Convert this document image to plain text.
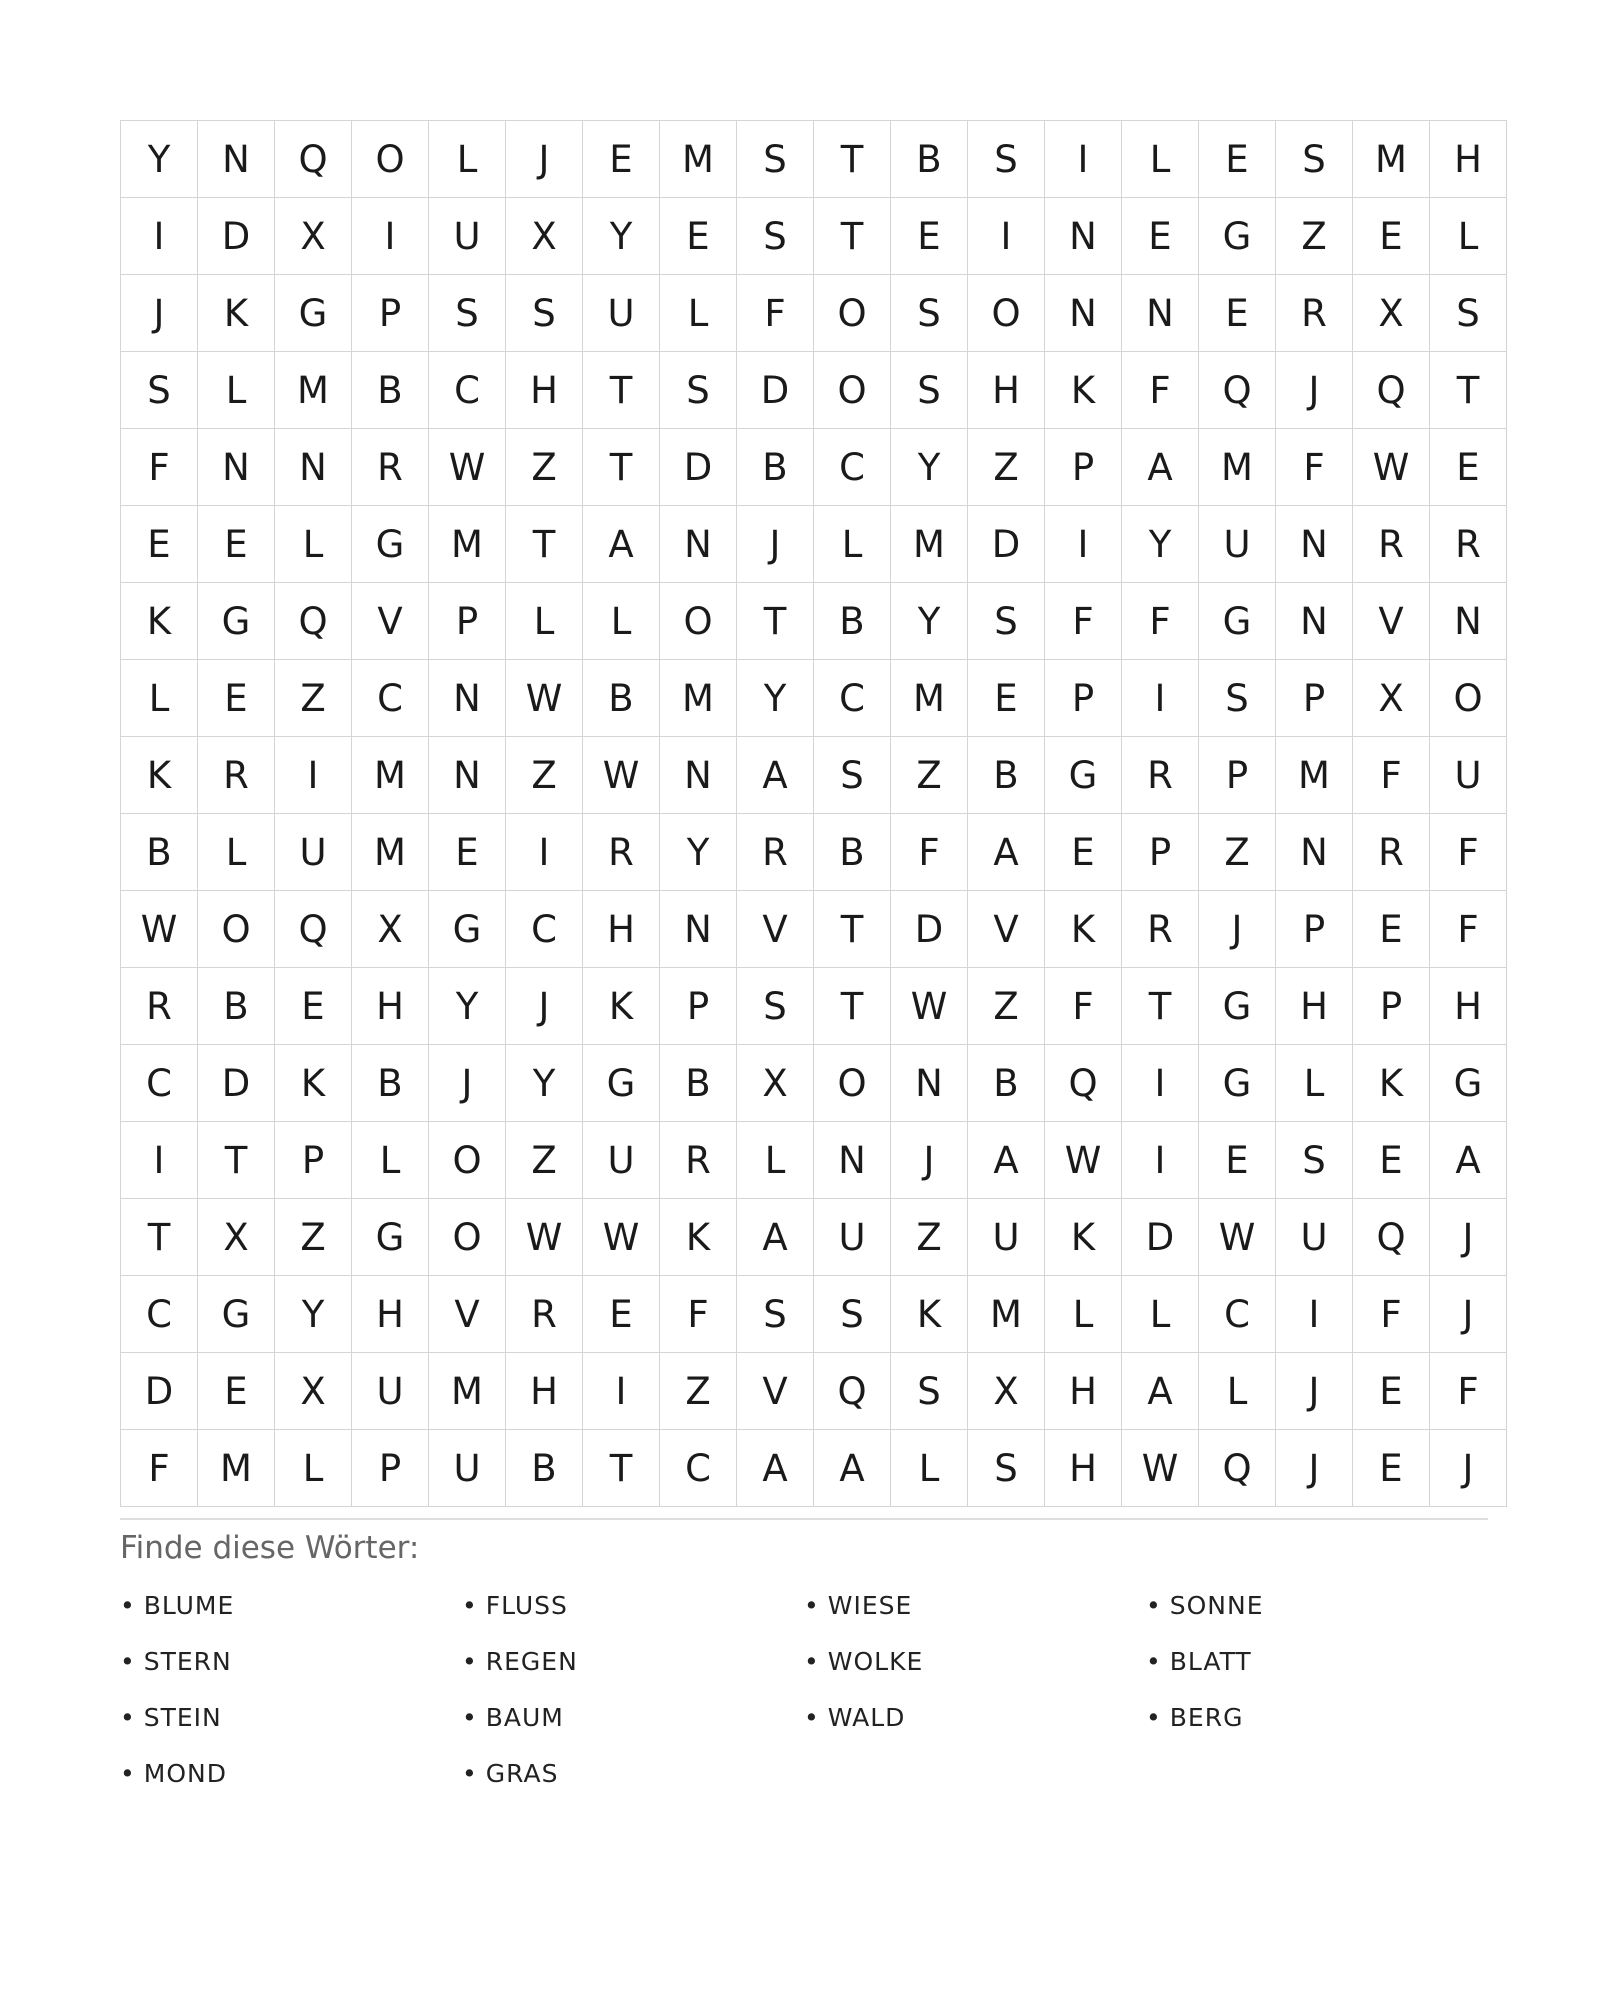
Y	N	Q	O	L	J	E	M	S	T	B	S	I	L	E	S	M	H
I	D	X	I	U	X	Y	E	S	T	E	I	N	E	G	Z	E	L
J	K	G	P	S	S	U	L	F	O	S	O	N	N	E	R	X	S
S	L	M	B	C	H	T	S	D	O	S	H	K	F	Q	J	Q	T
F	N	N	R	W	Z	T	D	B	C	Y	Z	P	A	M	F	W	E
E	E	L	G	M	T	A	N	J	L	M	D	I	Y	U	N	R	R
K	G	Q	V	P	L	L	O	T	B	Y	S	F	F	G	N	V	N
L	E	Z	C	N	W	B	M	Y	C	M	E	P	I	S	P	X	O
K	R	I	M	N	Z	W	N	A	S	Z	B	G	R	P	M	F	U
B	L	U	M	E	I	R	Y	R	B	F	A	E	P	Z	N	R	F
W	O	Q	X	G	C	H	N	V	T	D	V	K	R	J	P	E	F
R	B	E	H	Y	J	K	P	S	T	W	Z	F	T	G	H	P	H
C	D	K	B	J	Y	G	B	X	O	N	B	Q	I	G	L	K	G
I	T	P	L	O	Z	U	R	L	N	J	A	W	I	E	S	E	A
T	X	Z	G	O	W	W	K	A	U	Z	U	K	D	W	U	Q	J
C	G	Y	H	V	R	E	F	S	S	K	M	L	L	C	I	F	J
D	E	X	U	M	H	I	Z	V	Q	S	X	H	A	L	J	E	F
F	M	L	P	U	B	T	C	A	A	L	S	H	W	Q	J	E	J

Finde diese Wörter:

• BLUME	• FLUSS	• WIESE	• SONNE
• STERN	• REGEN	• WOLKE	• BLATT
• STEIN	• BAUM	• WALD	• BERG
• MOND	• GRAS
